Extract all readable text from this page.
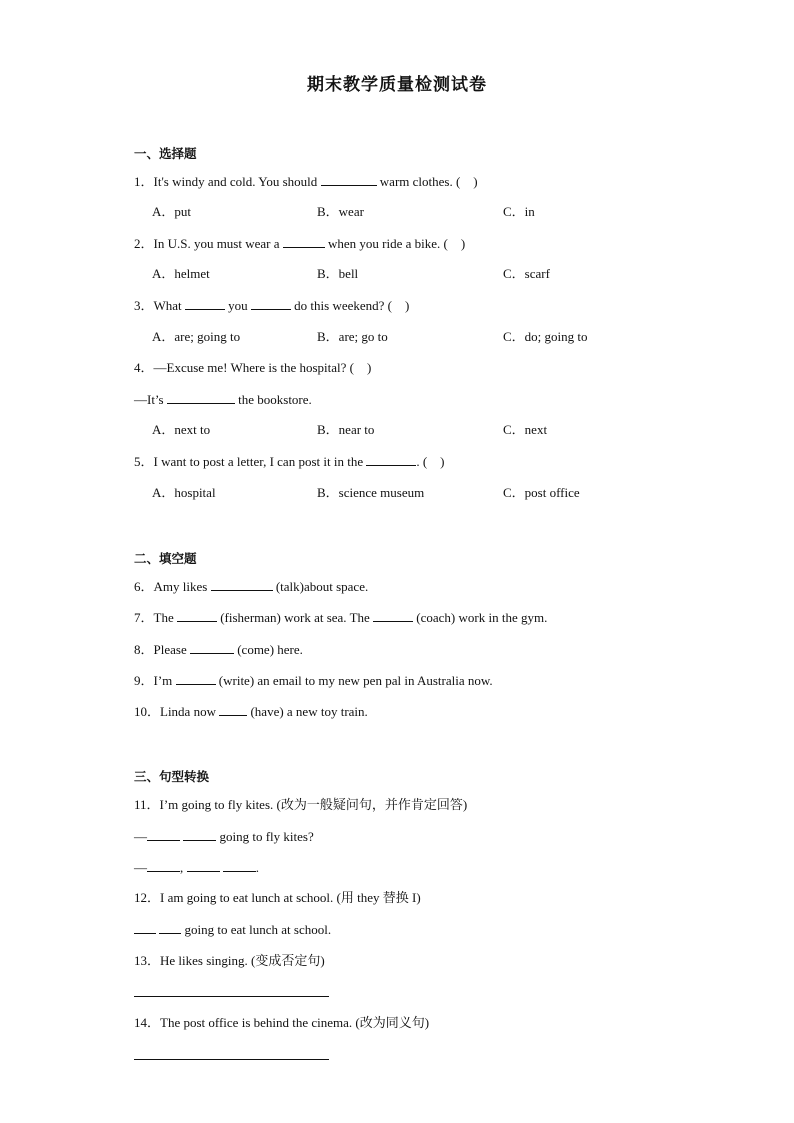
期末教学质量检测试卷
一、选择题
1．It's windy and cold. You should	warm clothes. (　)
A．put	B．wear	C．in
2．In U.S. you must wear a	when you ride a bike. (　)
A．helmet	B．bell	C．scarf
3．What	you	do this weekend? (　)
A．are; going to	B．are; go to	C．do; going to
4．—Excuse me! Where is the hospital? (　)
—It’s	the bookstore.
A．next to	B．near to	C．next
5．I want to post a letter, I can post it in the	. (　)
A．hospital	B．science museum	C．post office
二、填空题
6．Amy likes	(talk)about space.
7．The	(fisherman) work at sea. The	(coach) work in the gym.
8．Please	(come) here.
9．I’m	(write) an email to my new pen pal in Australia now.
10．Linda now	(have) a new toy train.
三、句型转换
11．I’m going to fly kites. (改为一般疑问句，并作肯定回答)
—	going to fly kites?
—	,	.
12．I am going to eat lunch at school. (用 they 替换 I)
going to eat lunch at school.
13．He likes singing. (变成否定句)
14．The post office is behind the cinema. (改为同义句)
